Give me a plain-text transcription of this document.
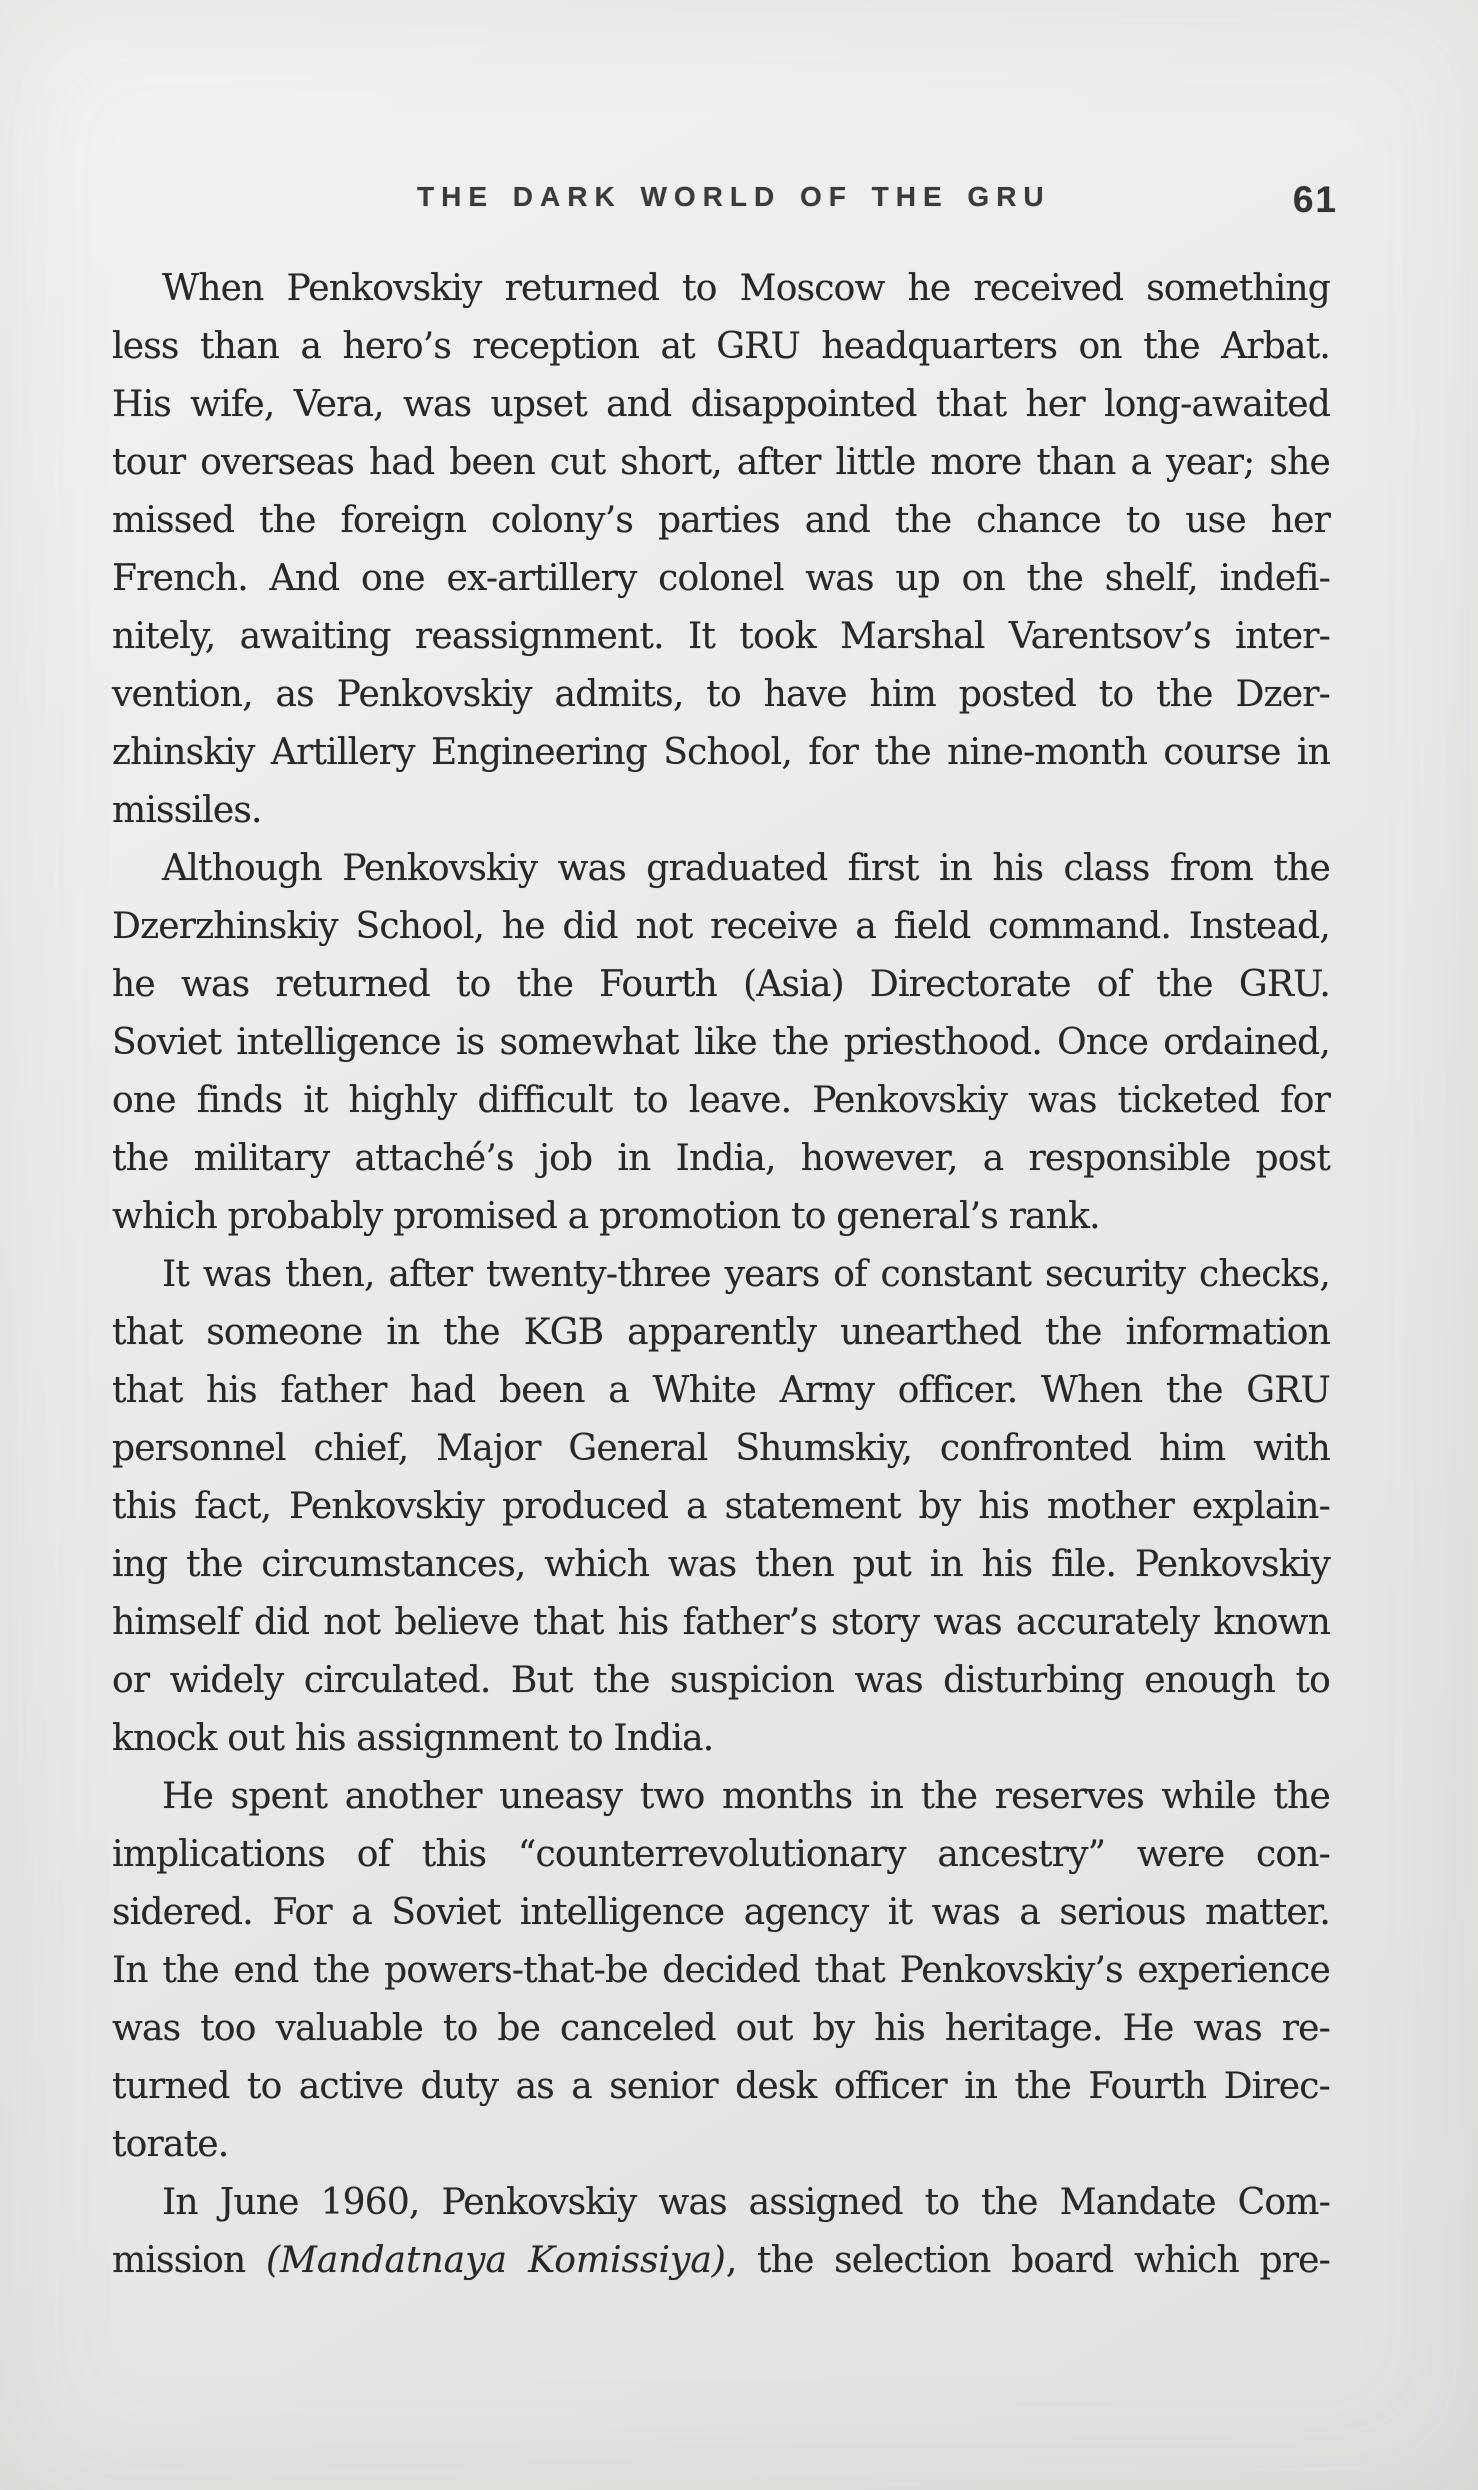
THE DARK WORLD OF THE GRU	61
When Penkovskiy returned to Moscow he received something
less than a hero’s reception at GRU headquarters on the Arbat.
His wife, Vera, was upset and disappointed that her long-awaited
tour overseas had been cut short, after little more than a year; she
missed the foreign colony’s parties and the chance to use her
French. And one ex-artillery colonel was up on the shelf, indefi-
nitely, awaiting reassignment. It took Marshal Varentsov’s inter-
vention, as Penkovskiy admits, to have him posted to the Dzer-
zhinskiy Artillery Engineering School, for the nine-month course in
missiles.
Although Penkovskiy was graduated first in his class from the
Dzerzhinskiy School, he did not receive a field command. Instead,
he was returned to the Fourth (Asia) Directorate of the GRU.
Soviet intelligence is somewhat like the priesthood. Once ordained,
one finds it highly difficult to leave. Penkovskiy was ticketed for
the military attaché’s job in India, however, a responsible post
which probably promised a promotion to general’s rank.
It was then, after twenty-three years of constant security checks,
that someone in the KGB apparently unearthed the information
that his father had been a White Army officer. When the GRU
personnel chief, Major General Shumskiy, confronted him with
this fact, Penkovskiy produced a statement by his mother explain-
ing the circumstances, which was then put in his file. Penkovskiy
himself did not believe that his father’s story was accurately known
or widely circulated. But the suspicion was disturbing enough to
knock out his assignment to India.
He spent another uneasy two months in the reserves while the
implications of this “counterrevolutionary ancestry” were con-
sidered. For a Soviet intelligence agency it was a serious matter.
In the end the powers-that-be decided that Penkovskiy’s experience
was too valuable to be canceled out by his heritage. He was re-
turned to active duty as a senior desk officer in the Fourth Direc-
torate.
In June 1960, Penkovskiy was assigned to the Mandate Com-
mission (Mandatnaya Komissiya), the selection board which pre-
